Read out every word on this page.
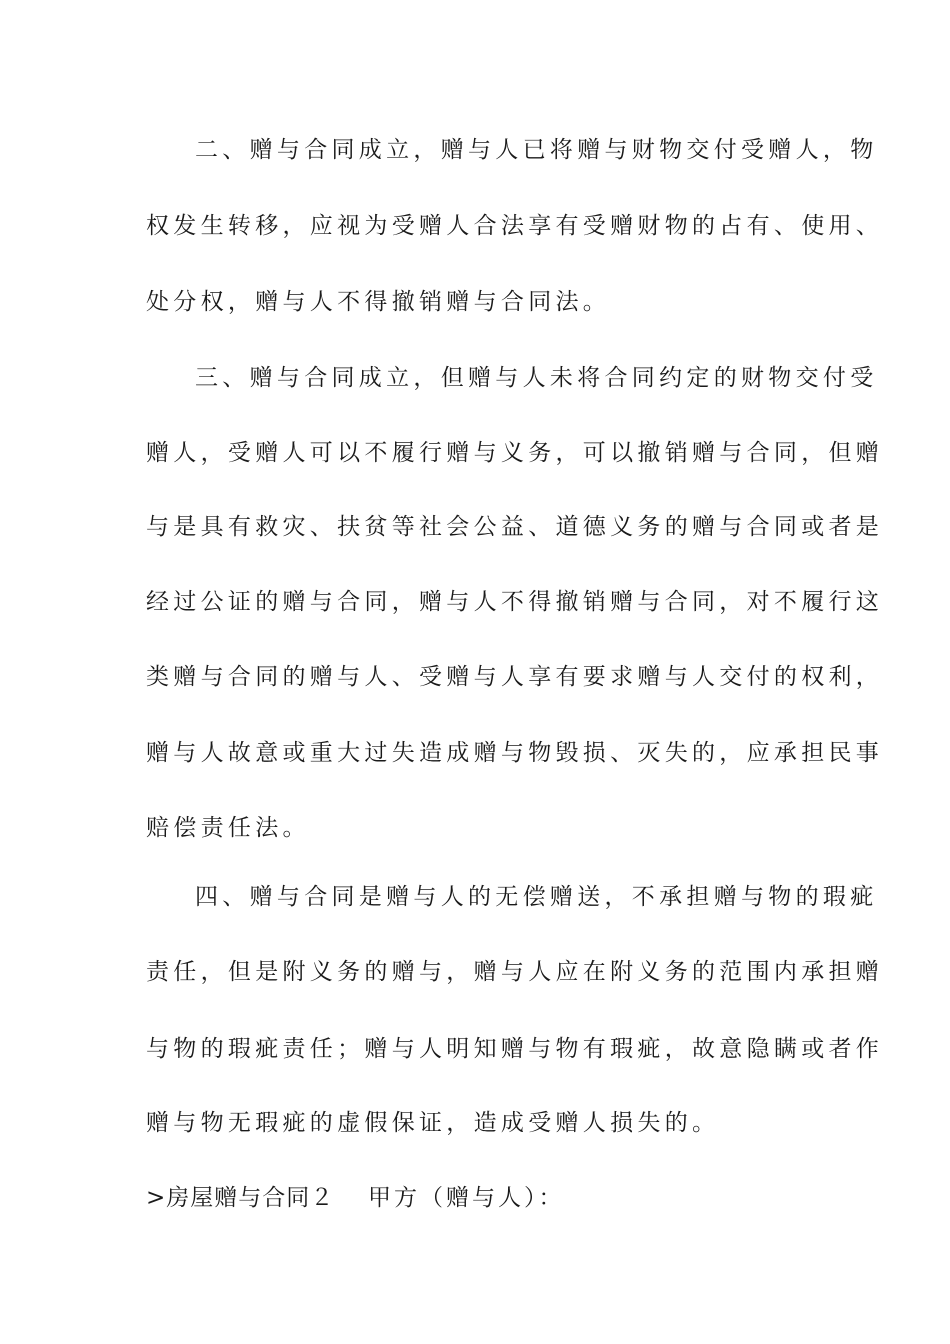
二、赠与合同成立，赠与人已将赠与财物交付受赠人，物
权发生转移，应视为受赠人合法享有受赠财物的占有、使用、
处分权，赠与人不得撤销赠与合同法。
三、赠与合同成立，但赠与人未将合同约定的财物交付受
赠人，受赠人可以不履行赠与义务，可以撤销赠与合同，但赠
与是具有救灾、扶贫等社会公益、道德义务的赠与合同或者是
经过公证的赠与合同，赠与人不得撤销赠与合同，对不履行这
类赠与合同的赠与人、受赠与人享有要求赠与人交付的权利，
赠与人故意或重大过失造成赠与物毁损、灭失的，应承担民事
赔偿责任法。
四、赠与合同是赠与人的无偿赠送，不承担赠与物的瑕疵
责任，但是附义务的赠与，赠与人应在附义务的范围内承担赠
与物的瑕疵责任；赠与人明知赠与物有瑕疵，故意隐瞒或者作
赠与物无瑕疵的虚假保证，造成受赠人损失的。
>房屋赠与合同２ 甲方（赠与人）：
